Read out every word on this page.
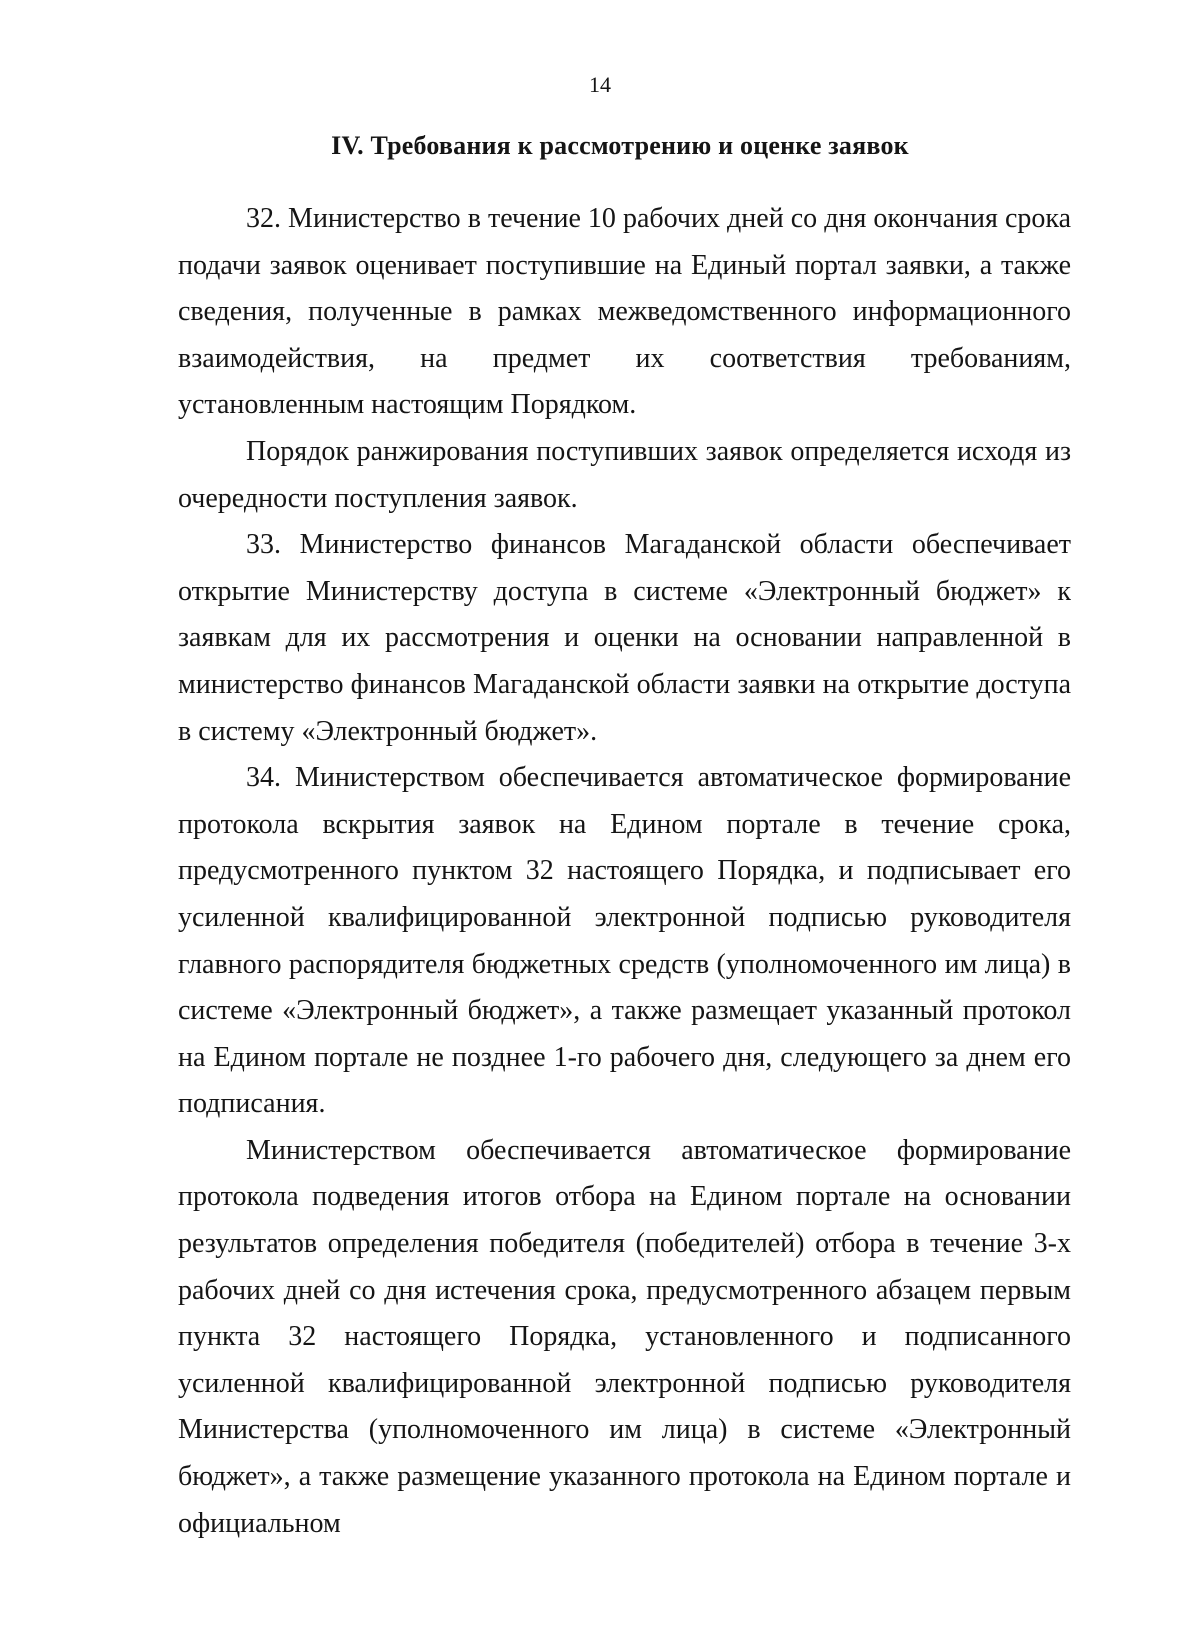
14
IV. Требования к рассмотрению и оценке заявок

32. Министерство в течение 10 рабочих дней со дня окончания срока подачи заявок оценивает поступившие на Единый портал заявки, а также сведения, полученные в рамках межведомственного информационного взаимодействия, на предмет их соответствия требованиям, установленным настоящим Порядком.

Порядок ранжирования поступивших заявок определяется исходя из очередности поступления заявок.

33. Министерство финансов Магаданской области обеспечивает открытие Министерству доступа в системе «Электронный бюджет» к заявкам для их рассмотрения и оценки на основании направленной в министерство финансов Магаданской области заявки на открытие доступа в систему «Электронный бюджет».

34. Министерством обеспечивается автоматическое формирование протокола вскрытия заявок на Едином портале в течение срока, предусмотренного пунктом 32 настоящего Порядка, и подписывает его усиленной квалифицированной электронной подписью руководителя главного распорядителя бюджетных средств (уполномоченного им лица) в системе «Электронный бюджет», а также размещает указанный протокол на Едином портале не позднее 1-го рабочего дня, следующего за днем его подписания.

Министерством обеспечивается автоматическое формирование протокола подведения итогов отбора на Едином портале на основании результатов определения победителя (победителей) отбора в течение 3-х рабочих дней со дня истечения срока, предусмотренного абзацем первым пункта 32 настоящего Порядка, установленного и подписанного усиленной квалифицированной электронной подписью руководителя Министерства (уполномоченного им лица) в системе «Электронный бюджет», а также размещение указанного протокола на Едином портале и официальном
